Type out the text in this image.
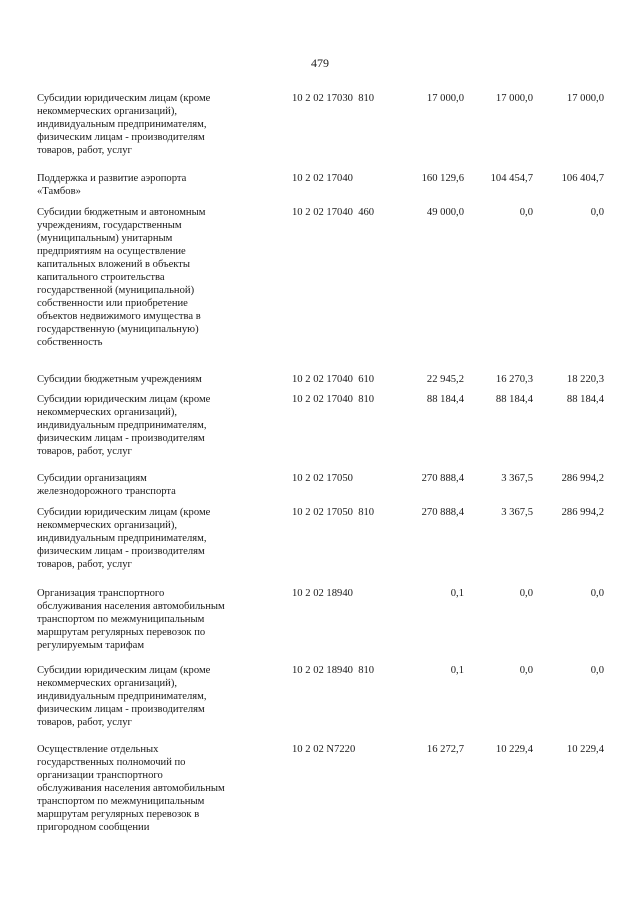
479
Субсидии юридическим лицам (кроме
некоммерческих организаций),
индивидуальным предпринимателям,
физическим лицам - производителям
товаров, работ, услуг
10 2 02 17030  810	17 000,0	17 000,0	17 000,0
Поддержка и развитие аэропорта
«Тамбов»
10 2 02 17040	160 129,6	104 454,7	106 404,7
Субсидии бюджетным и автономным
учреждениям, государственным
(муниципальным) унитарным
предприятиям на осуществление
капитальных вложений в объекты
капитального строительства
государственной (муниципальной)
собственности или приобретение
объектов недвижимого имущества в
государственную (муниципальную)
собственность
10 2 02 17040  460	49 000,0	0,0	0,0
Субсидии бюджетным учреждениям	10 2 02 17040  610	22 945,2	16 270,3	18 220,3
Субсидии юридическим лицам (кроме
некоммерческих организаций),
индивидуальным предпринимателям,
физическим лицам - производителям
товаров, работ, услуг
10 2 02 17040  810	88 184,4	88 184,4	88 184,4
Субсидии организациям
железнодорожного транспорта
10 2 02 17050	270 888,4	3 367,5	286 994,2
Субсидии юридическим лицам (кроме
некоммерческих организаций),
индивидуальным предпринимателям,
физическим лицам - производителям
товаров, работ, услуг
10 2 02 17050  810	270 888,4	3 367,5	286 994,2
Организация транспортного
обслуживания населения автомобильным
транспортом по межмуниципальным
маршрутам регулярных перевозок по
регулируемым тарифам
10 2 02 18940	0,1	0,0	0,0
Субсидии юридическим лицам (кроме
некоммерческих организаций),
индивидуальным предпринимателям,
физическим лицам - производителям
товаров, работ, услуг
10 2 02 18940  810	0,1	0,0	0,0
Осуществление отдельных
государственных полномочий по
организации транспортного
обслуживания населения автомобильным
транспортом по межмуниципальным
маршрутам регулярных перевозок в
пригородном сообщении
10 2 02 N7220	16 272,7	10 229,4	10 229,4
